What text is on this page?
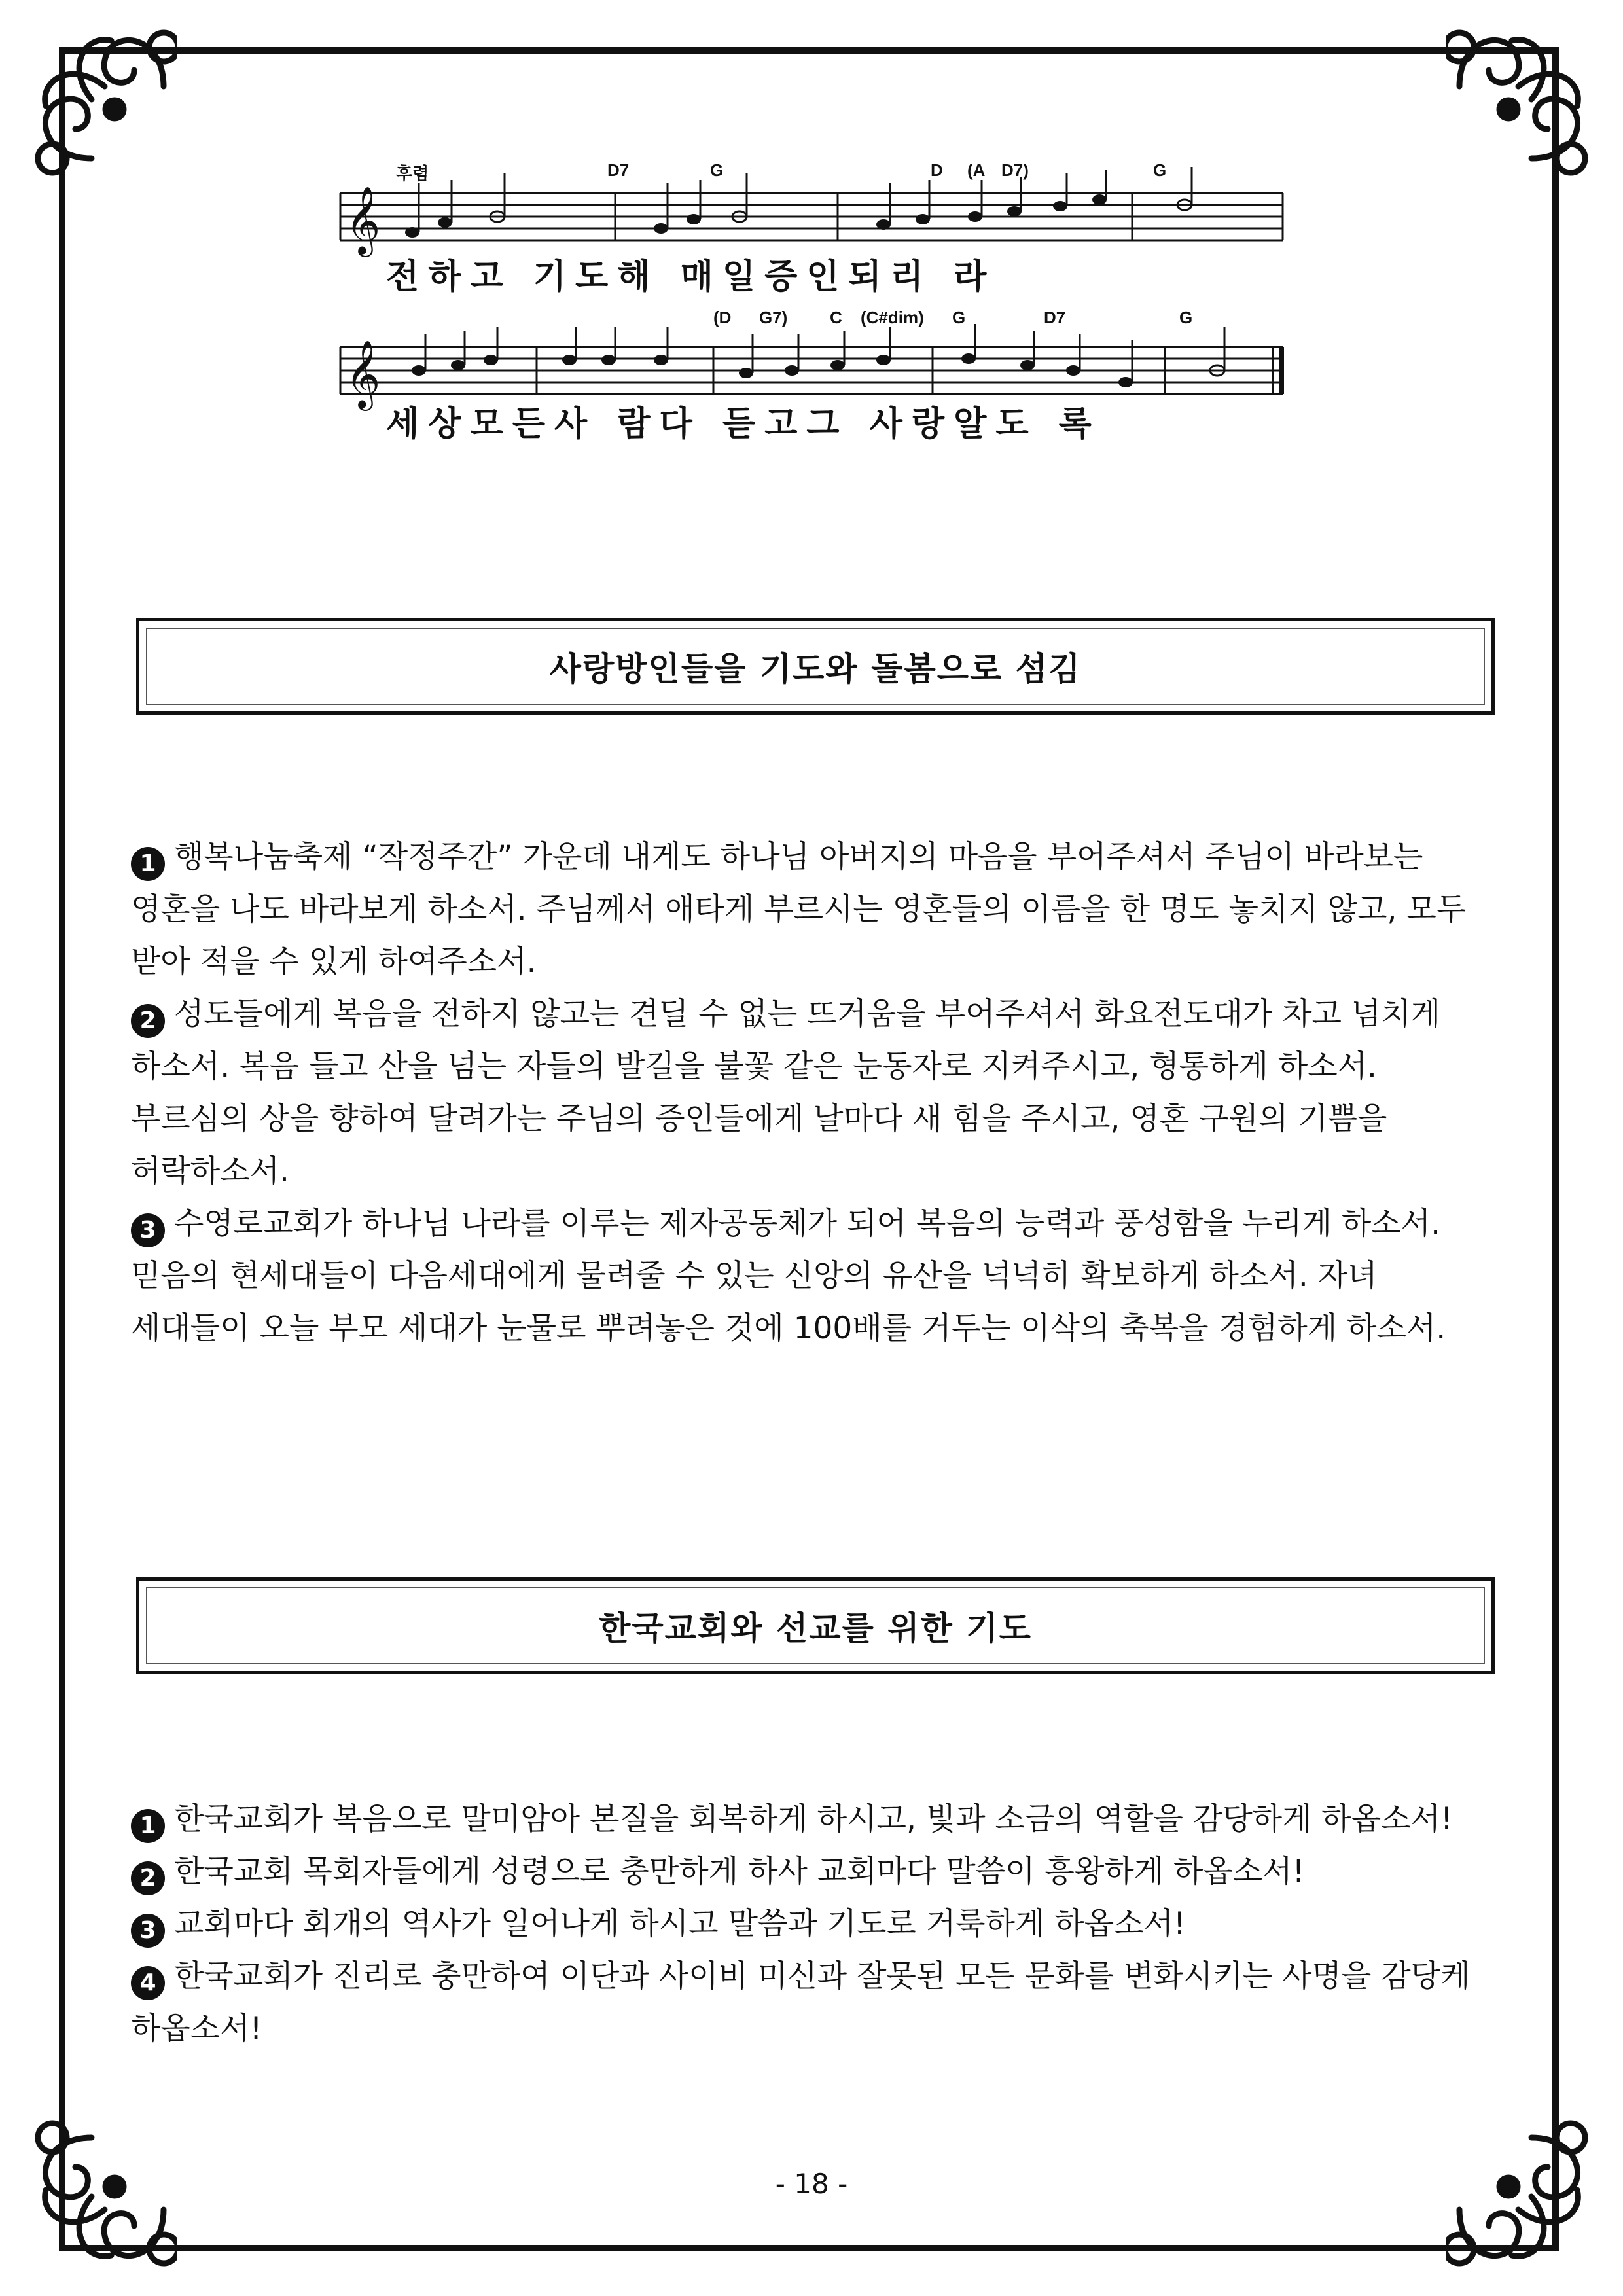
𝄞
후렴	D7	G	D (A D7)	G
전하고 기도해 매일증인되리 라
𝄞
(D G7) C (C#dim) G	D7	G
세상모든사 람다 듣고그 사랑알도 록
사랑방인들을 기도와 돌봄으로 섬김

1 행복나눔축제 “작정주간” 가운데 내게도 하나님 아버지의 마음을 부어주셔서 주님이 바라보는 영혼을 나도 바라보게 하소서. 주님께서 애타게 부르시는 영혼들의 이름을 한 명도 놓치지 않고, 모두 받아 적을 수 있게 하여주소서.

2 성도들에게 복음을 전하지 않고는 견딜 수 없는 뜨거움을 부어주셔서 화요전도대가 차고 넘치게 하소서. 복음 들고 산을 넘는 자들의 발길을 불꽃 같은 눈동자로 지켜주시고, 형통하게 하소서. 부르심의 상을 향하여 달려가는 주님의 증인들에게 날마다 새 힘을 주시고, 영혼 구원의 기쁨을 허락하소서.

3 수영로교회가 하나님 나라를 이루는 제자공동체가 되어 복음의 능력과 풍성함을 누리게 하소서. 믿음의 현세대들이 다음세대에게 물려줄 수 있는 신앙의 유산을 넉넉히 확보하게 하소서. 자녀 세대들이 오늘 부모 세대가 눈물로 뿌려놓은 것에 100배를 거두는 이삭의 축복을 경험하게 하소서.

한국교회와 선교를 위한 기도

1 한국교회가 복음으로 말미암아 본질을 회복하게 하시고, 빛과 소금의 역할을 감당하게 하옵소서!

2 한국교회 목회자들에게 성령으로 충만하게 하사 교회마다 말씀이 흥왕하게 하옵소서!

3 교회마다 회개의 역사가 일어나게 하시고 말씀과 기도로 거룩하게 하옵소서!

4 한국교회가 진리로 충만하여 이단과 사이비 미신과 잘못된 모든 문화를 변화시키는 사명을 감당케 하옵소서!

- 18 -
